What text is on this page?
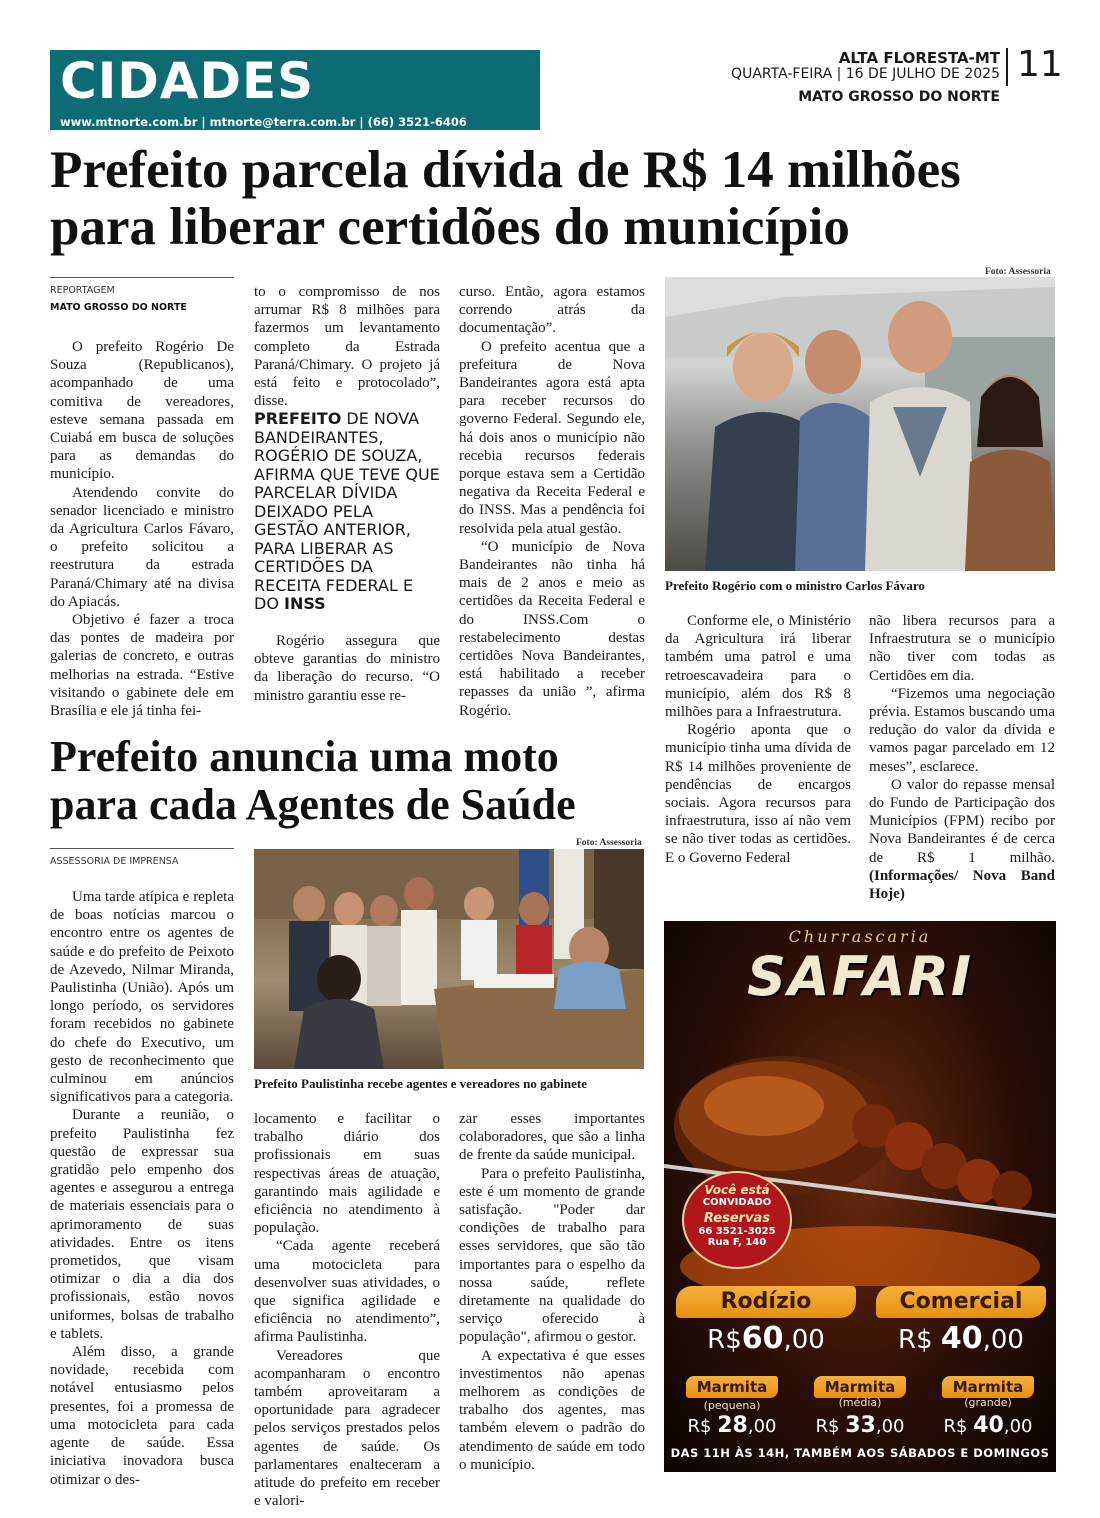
CIDADES
www.mtnorte.com.br | mtnorte@terra.com.br | (66) 3521-6406
ALTA FLORESTA-MT
QUARTA-FEIRA | 16 DE JULHO DE 2025
MATO GROSSO DO NORTE
11
Prefeito parcela dívida de R$ 14 milhões para liberar certidões do município
REPORTAGEM
MATO GROSSO DO NORTE

O prefeito Rogério De Souza (Republicanos), acompanhado de uma comitiva de vereadores, esteve semana passada em Cuiabá em busca de soluções para as demandas do município.

Atendendo convite do senador licenciado e ministro da Agricultura Carlos Fávaro, o prefeito solicitou a reestrutura da estrada Paraná/Chimary até na divisa do Apiacás.

Objetivo é fazer a troca das pontes de madeira por galerias de concreto, e outras melhorias na estrada. “Estive visitando o gabinete dele em Brasília e ele já tinha fei-

to o compromisso de nos arrumar R$ 8 milhões para fazermos um levantamento completo da Estrada Paraná/Chimary. O projeto já está feito e protocolado”, disse.

PREFEITO DE NOVA BANDEIRANTES, ROGÉRIO DE SOUZA, AFIRMA QUE TEVE QUE PARCELAR DÍVIDA DEIXADO PELA GESTÃO ANTERIOR, PARA LIBERAR AS CERTIDÕES DA RECEITA FEDERAL E DO INSS

Rogério assegura que obteve garantias do ministro da liberação do recurso. “O ministro garantiu esse re-

curso. Então, agora estamos correndo atrás da documentação”.

O prefeito acentua que a prefeitura de Nova Bandeirantes agora está apta para receber recursos do governo Federal. Segundo ele, há dois anos o município não recebia recursos federais porque estava sem a Certidão negativa da Receita Federal e do INSS. Mas a pendência foi resolvida pela atual gestão.

“O município de Nova Bandeirantes não tinha há mais de 2 anos e meio as certidões da Receita Federal e do INSS.Com o restabelecimento destas certidões Nova Bandeirantes, está habilitado a receber repasses da união ”, afirma Rogério.

Foto: Assessoria
Prefeito Rogério com o ministro Carlos Fávaro

Conforme ele, o Ministério da Agricultura irá liberar também uma patrol e uma retroescavadeira para o município, além dos R$ 8 milhões para a Infraestrutura.

Rogério aponta que o município tinha uma dívida de R$ 14 milhões proveniente de pendências de encargos sociais. Agora recursos para infraestrutura, isso aí não vem se não tiver todas as certidões. E o Governo Federal

não libera recursos para a Infraestrutura se o município não tiver com todas as Certidões em dia.

“Fizemos uma negociação prévia. Estamos buscando uma redução do valor da dívida e vamos pagar parcelado em 12 meses”, esclarece.

O valor do repasse mensal do Fundo de Participação dos Municípios (FPM) recibo por Nova Bandeirantes é de cerca de R$ 1 milhão. (Informações/ Nova Band Hoje)

Prefeito anuncia uma moto para cada Agentes de Saúde
ASSESSORIA DE IMPRENSA

Uma tarde atípica e repleta de boas notícias marcou o encontro entre os agentes de saúde e do prefeito de Peixoto de Azevedo, Nilmar Miranda, Paulistinha (União). Após um longo período, os servidores foram recebidos no gabinete do chefe do Executivo, um gesto de reconhecimento que culminou em anúncios significativos para a categoria.

Durante a reunião, o prefeito Paulistinha fez questão de expressar sua gratidão pelo empenho dos agentes e assegurou a entrega de materiais essenciais para o aprimoramento de suas atividades. Entre os itens prometidos, que visam otimizar o dia a dia dos profissionais, estão novos uniformes, bolsas de trabalho e tablets.

Além disso, a grande novidade, recebida com notável entusiasmo pelos presentes, foi a promessa de uma motocicleta para cada agente de saúde. Essa iniciativa inovadora busca otimizar o des-

Foto: Assessoria
Prefeito Paulistinha recebe agentes e vereadores no gabinete

locamento e facilitar o trabalho diário dos profissionais em suas respectivas áreas de atuação, garantindo mais agilidade e eficiência no atendimento à população.

“Cada agente receberá uma motocicleta para desenvolver suas atividades, o que significa agilidade e eficiência no atendimento”, afirma Paulistinha.

Vereadores que acompanharam o encontro também aproveitaram a oportunidade para agradecer pelos serviços prestados pelos agentes de saúde. Os parlamentares enalteceram a atitude do prefeito em receber e valori-

zar esses importantes colaboradores, que são a linha de frente da saúde municipal.

Para o prefeito Paulistinha, este é um momento de grande satisfação. "Poder dar condições de trabalho para esses servidores, que são tão importantes para o espelho da nossa saúde, reflete diretamente na qualidade do serviço oferecido à população", afirmou o gestor.

A expectativa é que esses investimentos não apenas melhorem as condições de trabalho dos agentes, mas também elevem o padrão do atendimento de saúde em todo o município.

Churrascaria
SAFARI
Você está
CONVIDADO
Reservas
66 3521-3025
Rua F, 140
Rodízio	Comercial
R$60,00	R$ 40,00
Marmita	Marmita	Marmita
(pequena)	(média)	(grande)
R$ 28,00	R$ 33,00	R$ 40,00
DAS 11H ÀS 14H, TAMBÉM AOS SÁBADOS E DOMINGOS
